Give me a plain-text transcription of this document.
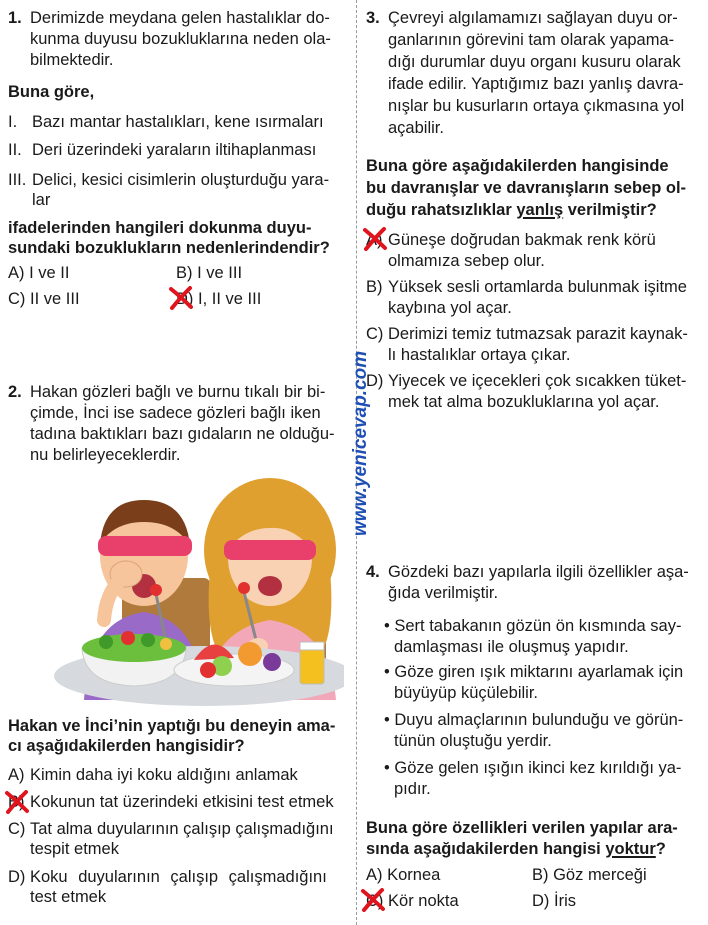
www.yenicevap.com
1. Derimizde meydana gelen hastalıklar do-
kunma duyusu bozukluklarına neden ola-
bilmektedir.
Buna göre,
I. Bazı mantar hastalıkları, kene ısırmaları
II. Deri üzerindeki yaraların iltihaplanması
III. Delici, kesici cisimlerin oluşturduğu yara-
lar
ifadelerinden hangileri dokunma duyu-
sundaki bozuklukların nedenlerindendir?
A) I ve II	B) I ve III
C) II ve III	D) I, II ve III
2. Hakan gözleri bağlı ve burnu tıkalı bir bi-
çimde, İnci ise sadece gözleri bağlı iken
tadına baktıkları bazı gıdaların ne olduğu-
nu belirleyeceklerdir.
Hakan ve İnci’nin yaptığı bu deneyin ama-
cı aşağıdakilerden hangisidir?
A) Kimin daha iyi koku aldığını anlamak
B) Kokunun tat üzerindeki etkisini test etmek
C) Tat alma duyularının çalışıp çalışmadığını
tespit etmek
D) Koku duyularının çalışıp çalışmadığını
test etmek
3. Çevreyi algılamamızı sağlayan duyu or-
ganlarının görevini tam olarak yapama-
dığı durumlar duyu organı kusuru olarak
ifade edilir. Yaptığımız bazı yanlış davra-
nışlar bu kusurların ortaya çıkmasına yol
açabilir.
Buna göre aşağıdakilerden hangisinde
bu davranışlar ve davranışların sebep ol-
duğu rahatsızlıklar yanlış verilmiştir?
A) Güneşe doğrudan bakmak renk körü
olmamıza sebep olur.
B) Yüksek sesli ortamlarda bulunmak işitme
kaybına yol açar.
C) Derimizi temiz tutmazsak parazit kaynak-
lı hastalıklar ortaya çıkar.
D) Yiyecek ve içecekleri çok sıcakken tüket-
mek tat alma bozukluklarına yol açar.
4. Gözdeki bazı yapılarla ilgili özellikler aşa-
ğıda verilmiştir.
• Sert tabakanın gözün ön kısmında say-
damlaşması ile oluşmuş yapıdır.
• Göze giren ışık miktarını ayarlamak için
büyüyüp küçülebilir.
• Duyu almaçlarının bulunduğu ve görün-
tünün oluştuğu yerdir.
• Göze gelen ışığın ikinci kez kırıldığı ya-
pıdır.
Buna göre özellikleri verilen yapılar ara-
sında aşağıdakilerden hangisi yoktur?
A) Kornea	B) Göz merceği
C) Kör nokta	D) İris
